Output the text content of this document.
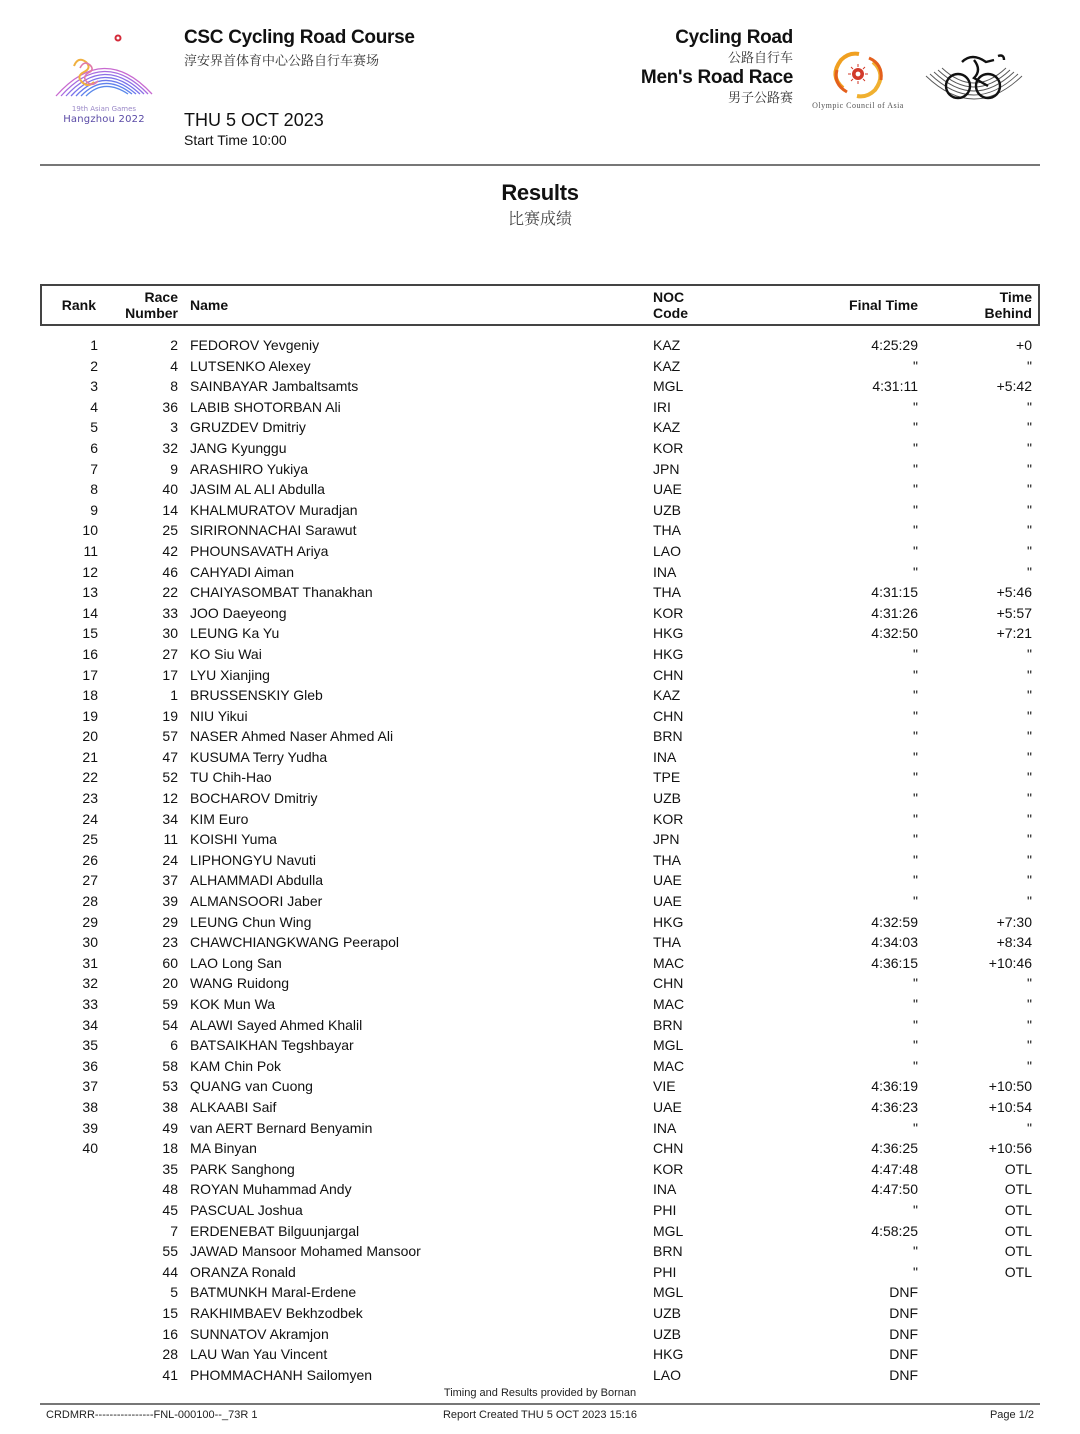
19th Asian Games
Hangzhou 2022
CSC Cycling Road Course
淳安界首体育中心公路自行车赛场
THU 5 OCT 2023
Start Time 10:00
Cycling Road
公路自行车
Men's Road Race
男子公路赛
Olympic Council of Asia
Results
比赛成绩
Rank	Race
Number Name	NOC
Code	Final Time	Time
Behind
1	2 FEDOROV Yevgeniy	KAZ	4:25:29	+0
2	4 LUTSENKO Alexey	KAZ	"	"
3	8 SAINBAYAR Jambaltsamts	MGL	4:31:11	+5:42
4	36 LABIB SHOTORBAN Ali	IRI	"	"
5	3 GRUZDEV Dmitriy	KAZ	"	"
6	32 JANG Kyunggu	KOR	"	"
7	9 ARASHIRO Yukiya	JPN	"	"
8	40 JASIM AL ALI Abdulla	UAE	"	"
9	14 KHALMURATOV Muradjan	UZB	"	"
10	25 SIRIRONNACHAI Sarawut	THA	"	"
11	42 PHOUNSAVATH Ariya	LAO	"	"
12	46 CAHYADI Aiman	INA	"	"
13	22 CHAIYASOMBAT Thanakhan	THA	4:31:15	+5:46
14	33 JOO Daeyeong	KOR	4:31:26	+5:57
15	30 LEUNG Ka Yu	HKG	4:32:50	+7:21
16	27 KO Siu Wai	HKG	"	"
17	17 LYU Xianjing	CHN	"	"
18	1 BRUSSENSKIY Gleb	KAZ	"	"
19	19 NIU Yikui	CHN	"	"
20	57 NASER Ahmed Naser Ahmed Ali	BRN	"	"
21	47 KUSUMA Terry Yudha	INA	"	"
22	52 TU Chih-Hao	TPE	"	"
23	12 BOCHAROV Dmitriy	UZB	"	"
24	34 KIM Euro	KOR	"	"
25	11 KOISHI Yuma	JPN	"	"
26	24 LIPHONGYU Navuti	THA	"	"
27	37 ALHAMMADI Abdulla	UAE	"	"
28	39 ALMANSOORI Jaber	UAE	"	"
29	29 LEUNG Chun Wing	HKG	4:32:59	+7:30
30	23 CHAWCHIANGKWANG Peerapol	THA	4:34:03	+8:34
31	60 LAO Long San	MAC	4:36:15	+10:46
32	20 WANG Ruidong	CHN	"	"
33	59 KOK Mun Wa	MAC	"	"
34	54 ALAWI Sayed Ahmed Khalil	BRN	"	"
35	6 BATSAIKHAN Tegshbayar	MGL	"	"
36	58 KAM Chin Pok	MAC	"	"
37	53 QUANG van Cuong	VIE	4:36:19	+10:50
38	38 ALKAABI Saif	UAE	4:36:23	+10:54
39	49 van AERT Bernard Benyamin	INA	"	"
40	18 MA Binyan	CHN	4:36:25	+10:56
35 PARK Sanghong	KOR	4:47:48	OTL
48 ROYAN Muhammad Andy	INA	4:47:50	OTL
45 PASCUAL Joshua	PHI	"	OTL
7 ERDENEBAT Bilguunjargal	MGL	4:58:25	OTL
55 JAWAD Mansoor Mohamed Mansoor	BRN	"	OTL
44 ORANZA Ronald	PHI	"	OTL
5 BATMUNKH Maral-Erdene	MGL	DNF
15 RAKHIMBAEV Bekhzodbek	UZB	DNF
16 SUNNATOV Akramjon	UZB	DNF
28 LAU Wan Yau Vincent	HKG	DNF
41 PHOMMACHANH Sailomyen	LAO	DNF
Timing and Results provided by Bornan
CRDMRR----------------FNL-000100--_73R 1	Report Created THU 5 OCT 2023 15:16	Page 1/2
